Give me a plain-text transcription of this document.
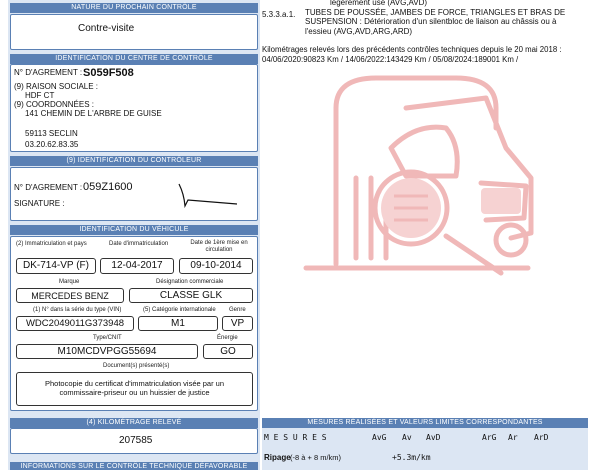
NATURE DU PROCHAIN CONTRÔLE
Contre-visite
IDENTIFICATION DU CENTRE DE CONTRÔLE
N° D'AGREMENT : S059F508
(9) RAISON SOCIALE :
HDF CT
(9) COORDONNÉES :
141 CHEMIN DE L'ARBRE DE GUISE
59113 SECLIN
03.20.62.83.35
(9) IDENTIFICATION DU CONTRÔLEUR
N° D'AGREMENT : 059Z1600
SIGNATURE :
IDENTIFICATION DU VÉHICULE
(2) Immatriculation et pays	Date d'immatriculation	Date de 1ère mise en circulation
DK-714-VP (F)	12-04-2017	09-10-2014
Marque	Désignation commerciale
MERCEDES BENZ	CLASSE GLK
(1) N° dans la série du type (VIN)	(5) Catégorie internationale Genre
WDC2049011G373948	M1	VP
Type/CNIT	Énergie
M10MCDVPGG55694	GO
Document(s) présenté(s)
Photocopie du certificat d'immatriculation visée par un commissaire-priseur ou un huissier de justice
(4) KILOMÉTRAGE RELEVÉ
207585
INFORMATIONS SUR LE CONTRÔLE TECHNIQUE DÉFAVORABLE
légèrement usé (AVG,AVD)
5.3.3.a.1. TUBES DE POUSSÉE, JAMBES DE FORCE, TRIANGLES ET BRAS DE
SUSPENSION : Détérioration d'un silentbloc de liaison au châssis ou à
l'essieu (AVG,AVD,ARG,ARD)
Kilométrages relevés lors des précédents contrôles techniques depuis le 20 mai 2018 :
04/06/2020:90823 Km / 14/06/2022:143429 Km / 05/08/2024:189001 Km /
MESURES RÉALISÉES ET VALEURS LIMITES CORRESPONDANTES
M E S U R E S	AvG Av AvD	ArG Ar ArD
Ripage (-8 à + 8 m/km)	+5.3m/km
